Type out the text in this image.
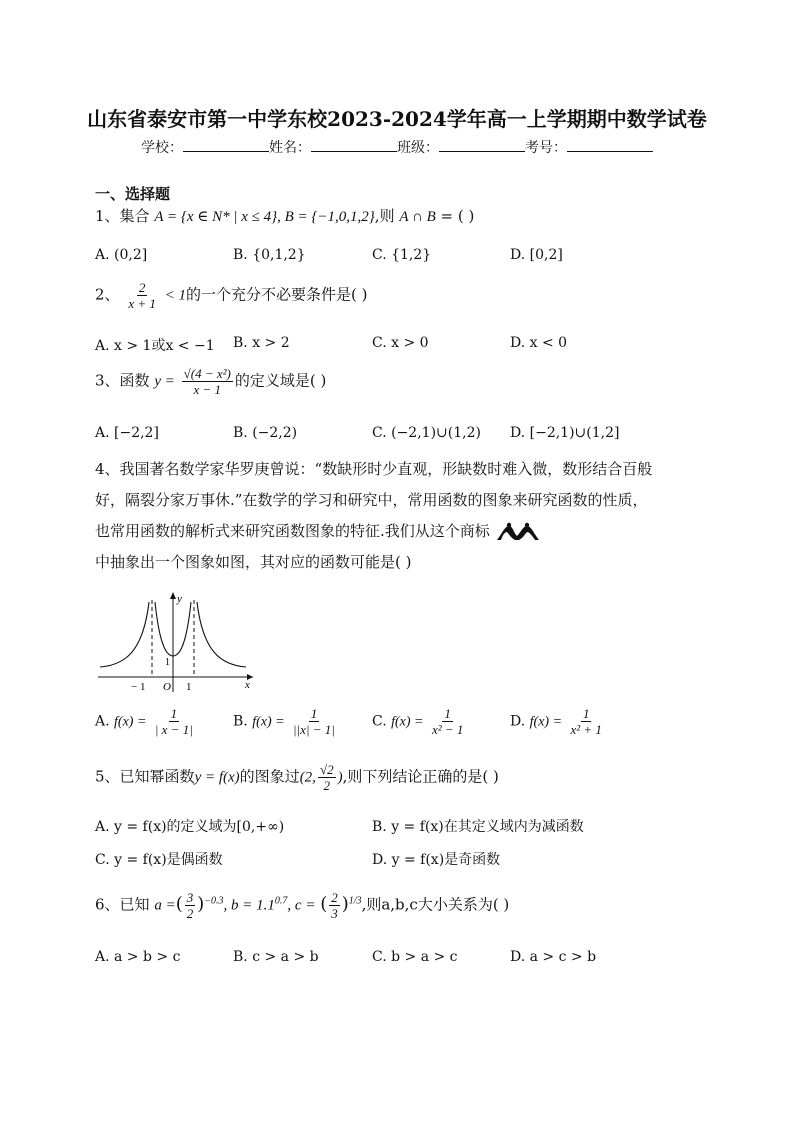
山东省泰安市第一中学东校2023-2024学年高一上学期期中数学试卷
学校：	姓名：	班级：	考号：
一、选择题
1、集合 A = {x ∈ N* | x ≤ 4}, B = {−1,0,1,2},则 A ∩ B = ( )
A. (0,2]	B. {0,1,2}	C. {1,2}	D. [0,2]
2、 $\frac{2}{x + 1} < 1$的一个充分不必要条件是( )
A. x > 1或x < −1 B. x > 2	C. x > 0	D. x < 0
3、函数 $y = \frac{\text{√(4 − x²)}}{x - 1}$ 的定义域是( )
A. [−2,2]	B. (−2,2)	C. (−2,1)∪(1,2) D. [−2,1)∪(1,2]
4、我国著名数学家华罗庚曾说：“数缺形时少直观，形缺数时难入微，数形结合百般
好，隔裂分家万事休.”在数学的学习和研究中，常用函数的图象来研究函数的性质，
也常用函数的解析式来研究函数图象的特征.我们从这个商标
中抽象出一个图象如图，其对应的函数可能是( )
y
x
O
− 1	1
1
A. $f(x) = \frac{1}{| x - 1|}$	B. $f(x) = \frac{1}{||x| - 1|}$	C. $f(x) = \frac{1}{\text{x² − 1}}$	D. $f(x) = \frac{1}{\text{x² + 1}}$
5、已知幂函数y = f(x)的图象过(2, $\frac{√2}{2}$ ),则下列结论正确的是( )
A. y = f(x)的定义域为[0,+∞)	B. y = f(x)在其定义域内为减函数
C. y = f(x)是偶函数	D. y = f(x)是奇函数
6、已知 a =( $\frac{3}{2} )^{-0.3}$, $b = 1.1^{0.7}$, c = ( $\frac{2}{3} )^{1/3}$,则a,b,c大小关系为( )
A. a > b > c	B. c > a > b	C. b > a > c	D. a > c > b
